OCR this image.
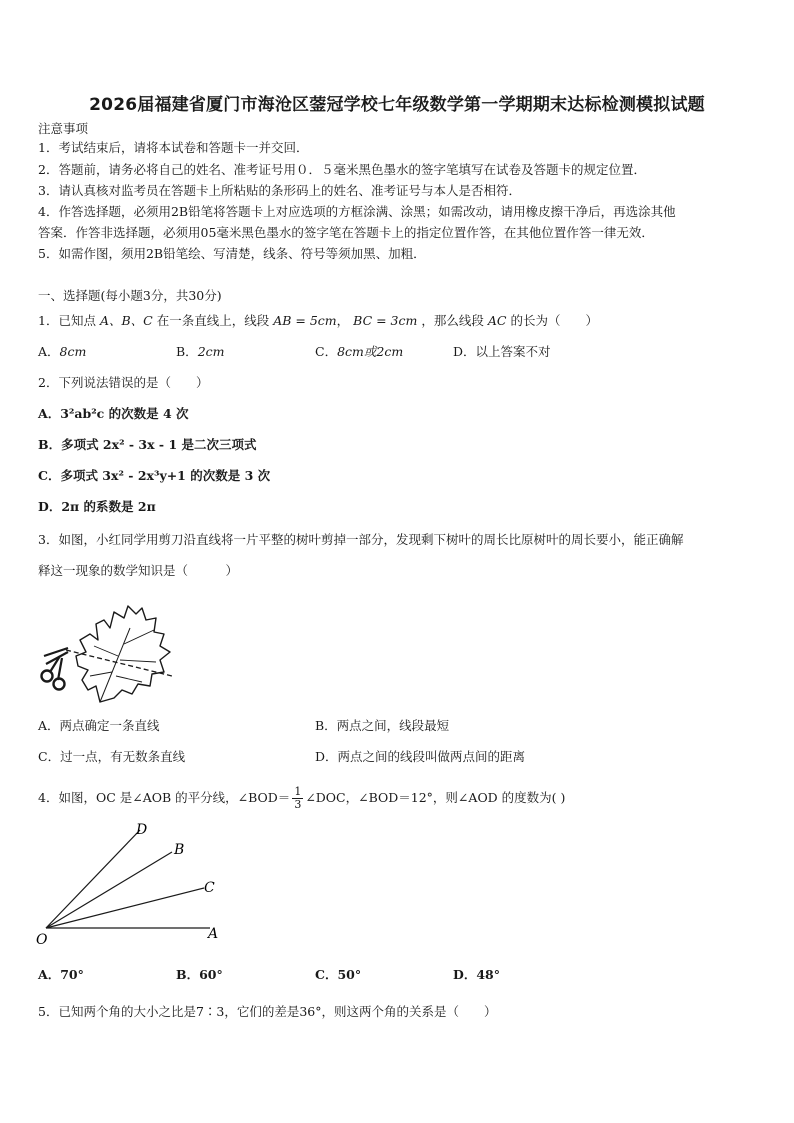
2026届福建省厦门市海沧区蓥冠学校七年级数学第一学期期末达标检测模拟试题
注意事项
1．考试结束后，请将本试卷和答题卡一并交回．
2．答题前，请务必将自己的姓名、准考证号用０．５毫米黑色墨水的签字笔填写在试卷及答题卡的规定位置．
3．请认真核对监考员在答题卡上所粘贴的条形码上的姓名、准考证号与本人是否相符．
4．作答选择题，必须用2B铅笔将答题卡上对应选项的方框涂满、涂黑；如需改动，请用橡皮擦干净后，再选涂其他
答案．作答非选择题，必须用05毫米黑色墨水的签字笔在答题卡上的指定位置作答，在其他位置作答一律无效．
5．如需作图，须用2B铅笔绘、写清楚，线条、符号等须加黑、加粗．
一、选择题(每小题3分，共30分)
1．已知点 A、B、C 在一条直线上，线段 AB = 5cm， BC = 3cm ，那么线段 AC 的长为（　　）
A．8cm	B．2cm	C．8cm或2cm	D．以上答案不对
2．下列说法错误的是（　　）
A．3²ab²c 的次数是 4 次
B．多项式 2x² - 3x - 1 是二次三项式
C．多项式 3x² - 2x³y+1 的次数是 3 次
D．2π 的系数是 2π
3．如图，小红同学用剪刀沿直线将一片平整的树叶剪掉一部分，发现剩下树叶的周长比原树叶的周长要小，能正确解
释这一现象的数学知识是（　　　）
A．两点确定一条直线	B．两点之间，线段最短
C．过一点，有无数条直线	D．两点之间的线段叫做两点间的距离
4．如图，OC 是∠AOB 的平分线，∠BOD＝ $\frac{1}{3}$ ∠DOC，∠BOD＝12°，则∠AOD 的度数为( )
D
B
C
O	A
A．70°	B．60°	C．50°	D．48°
5．已知两个角的大小之比是7∶3，它们的差是36°，则这两个角的关系是（　　）
